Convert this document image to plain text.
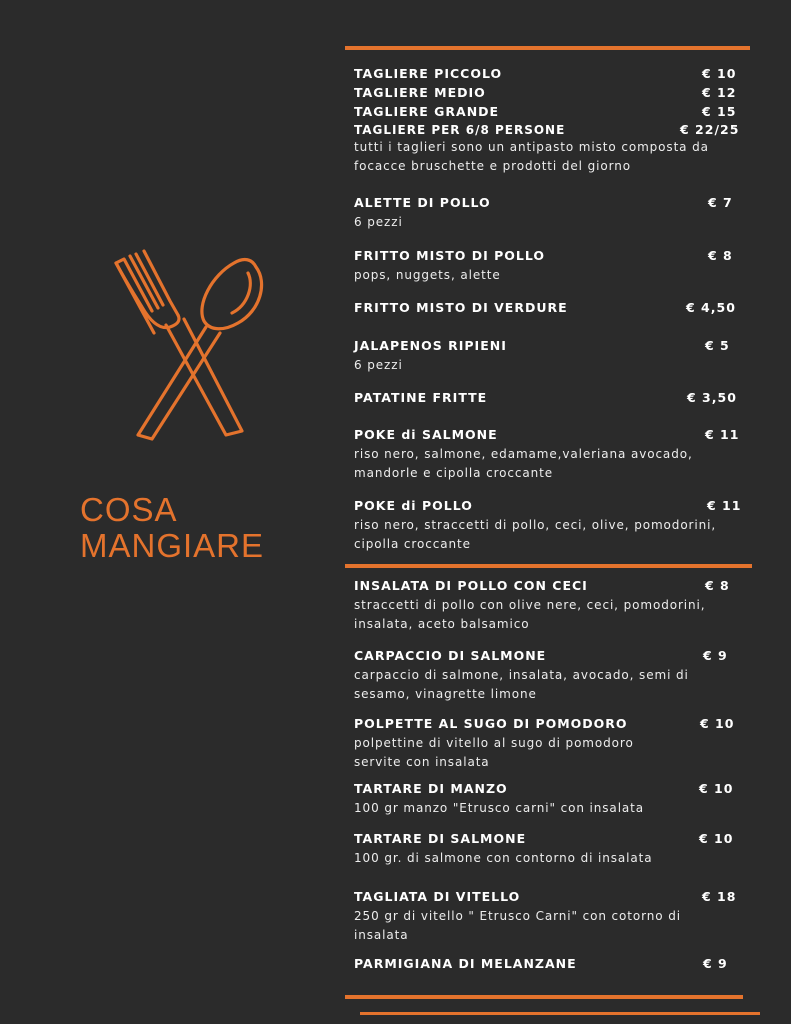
COSA
MANGIARE
TAGLIERE PICCOLO	€ 10
TAGLIERE MEDIO	€ 12
TAGLIERE GRANDE	€ 15
TAGLIERE PER 6/8 PERSONE	€ 22/25
tutti i taglieri sono un antipasto misto composta da
focacce bruschette e prodotti del giorno
ALETTE DI POLLO	€ 7
6 pezzi
FRITTO MISTO DI POLLO	€ 8
pops, nuggets, alette
FRITTO MISTO DI VERDURE	€ 4,50
JALAPENOS RIPIENI	€ 5
6 pezzi
PATATINE FRITTE	€ 3,50
POKE di SALMONE	€ 11
riso nero, salmone, edamame,valeriana avocado,
mandorle e cipolla croccante
POKE di POLLO	€ 11
riso nero, straccetti di pollo, ceci, olive, pomodorini,
cipolla croccante
INSALATA DI POLLO CON CECI	€ 8
straccetti di pollo con olive nere, ceci, pomodorini,
insalata, aceto balsamico
CARPACCIO DI SALMONE	€ 9
carpaccio di salmone, insalata, avocado, semi di
sesamo, vinagrette limone
POLPETTE AL SUGO DI POMODORO	€ 10
polpettine di vitello al sugo di pomodoro
servite con insalata
TARTARE DI MANZO	€ 10
100 gr manzo "Etrusco carni" con insalata
TARTARE DI SALMONE	€ 10
100 gr. di salmone con contorno di insalata
TAGLIATA DI VITELLO	€ 18
250 gr di vitello " Etrusco Carni" con cotorno di
insalata
PARMIGIANA DI MELANZANE	€ 9
